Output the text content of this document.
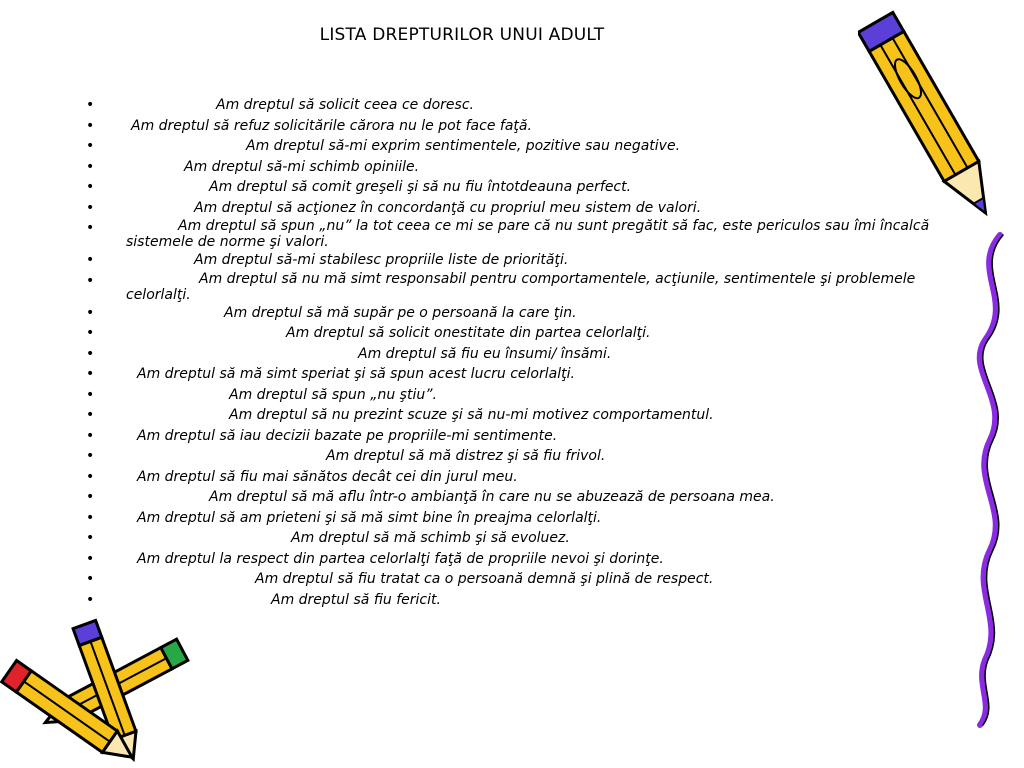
LISTA DREPTURILOR UNUI ADULT
•	Am dreptul să solicit ceea ce doresc.
•	Am dreptul să refuz solicitările cărora nu le pot face faţă.
•	Am dreptul să-mi exprim sentimentele, pozitive sau negative.
•	Am dreptul să-mi schimb opiniile.
•	Am dreptul să comit greşeli şi să nu fiu întotdeauna perfect.
•	Am dreptul să acţionez în concordanţă cu propriul meu sistem de valori.
•	Am dreptul să spun „nu” la tot ceea ce mi se pare că nu sunt pregătit să fac, este periculos sau îmi încalcă sistemele de norme şi valori.
•	Am dreptul să-mi stabilesc propriile liste de priorităţi.
•	Am dreptul să nu mă simt responsabil pentru comportamentele, acţiunile, sentimentele şi problemele celorlalţi.
•	Am dreptul să mă supăr pe o persoană la care ţin.
•	Am dreptul să solicit onestitate din partea celorlalţi.
•	Am dreptul să fiu eu însumi/ însămi.
•	Am dreptul să mă simt speriat şi să spun acest lucru celorlalţi.
•	Am dreptul să spun „nu ştiu”.
•	Am dreptul să nu prezint scuze şi să nu-mi motivez comportamentul.
•	Am dreptul să iau decizii bazate pe propriile-mi sentimente.
•	Am dreptul să mă distrez şi să fiu frivol.
•	Am dreptul să fiu mai sănătos decât cei din jurul meu.
•	Am dreptul să mă aflu într-o ambianţă în care nu se abuzează de persoana mea.
•	Am dreptul să am prieteni şi să mă simt bine în preajma celorlalţi.
•	Am dreptul să mă schimb şi să evoluez.
•	Am dreptul la respect din partea celorlalţi faţă de propriile nevoi şi dorinţe.
•	Am dreptul să fiu tratat ca o persoană demnă şi plină de respect.
•	Am dreptul să fiu fericit.
